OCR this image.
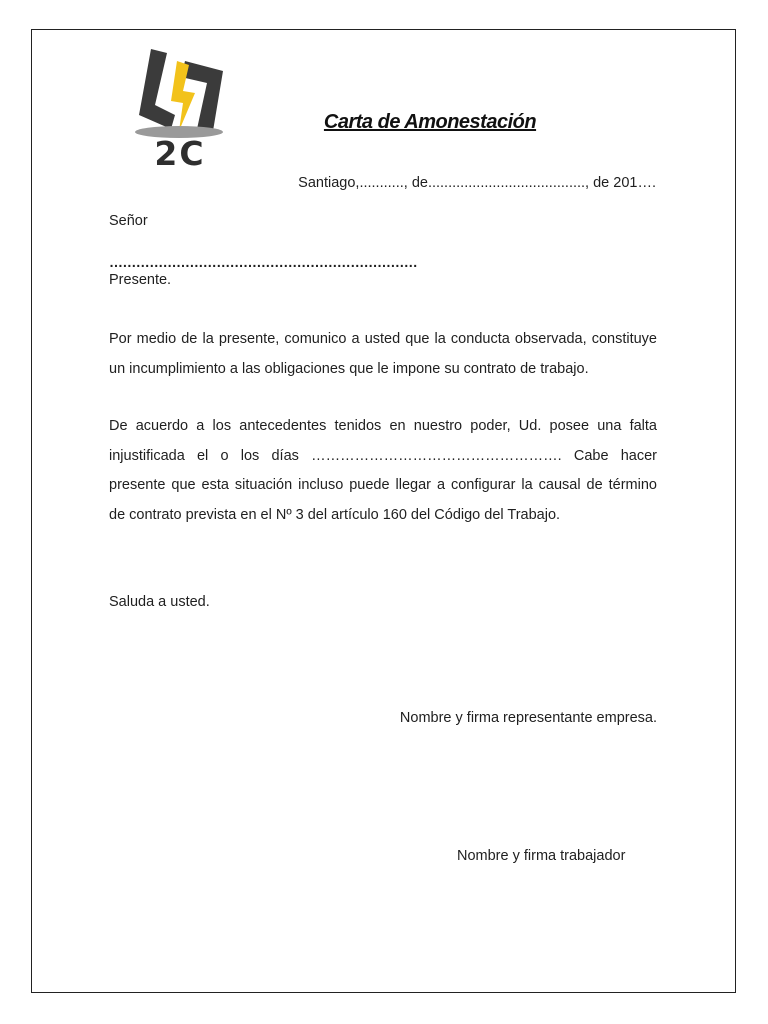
2C
Carta de Amonestación
Santiago,..........., de......................................., de 201….
Señor
……………………………………………………………
Presente.
Por medio de la presente, comunico a usted que la conducta observada, constituye
un incumplimiento a las obligaciones que le impone su contrato de trabajo.
De acuerdo a los antecedentes tenidos en nuestro poder, Ud. posee una falta
injustificada el o los días ……………………………………………. Cabe hacer
presente que esta situación incluso puede llegar a configurar la causal de término
de contrato prevista en el Nº 3 del artículo 160 del Código del Trabajo.
Saluda a usted.
Nombre y firma representante empresa.
Nombre y firma trabajador
